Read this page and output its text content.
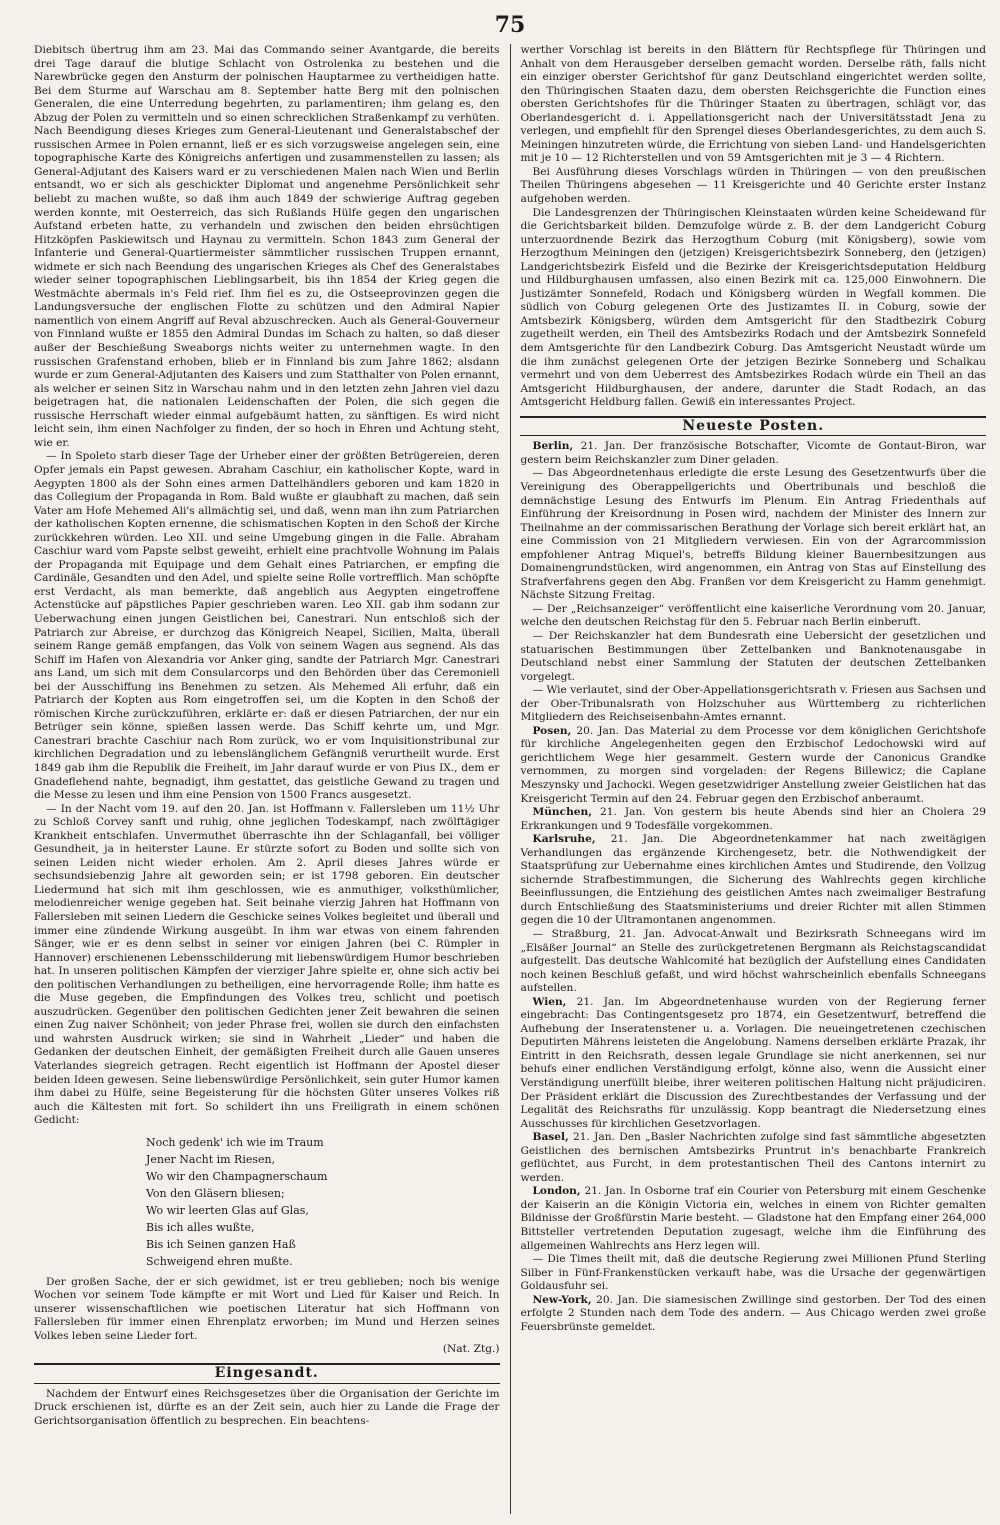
75

Diebitsch übertrug ihm am 23. Mai das Commando seiner Avantgarde, die bereits drei Tage darauf die blutige Schlacht von Ostrolenka zu bestehen und die Narewbrücke gegen den Ansturm der polnischen Hauptarmee zu vertheidigen hatte. Bei dem Sturme auf Warschau am 8. September hatte Berg mit den polnischen Generalen, die eine Unterredung begehrten, zu parlamentiren; ihm gelang es, den Abzug der Polen zu vermitteln und so einen schrecklichen Straßenkampf zu verhüten. Nach Beendigung dieses Krieges zum General-Lieutenant und Generalstabschef der russischen Armee in Polen ernannt, ließ er es sich vorzugsweise angelegen sein, eine topographische Karte des Königreichs anfertigen und zusammenstellen zu lassen; als General-Adjutant des Kaisers ward er zu verschiedenen Malen nach Wien und Berlin entsandt, wo er sich als geschickter Diplomat und angenehme Persönlichkeit sehr beliebt zu machen wußte, so daß ihm auch 1849 der schwierige Auftrag gegeben werden konnte, mit Oesterreich, das sich Rußlands Hülfe gegen den ungarischen Aufstand erbeten hatte, zu verhandeln und zwischen den beiden ehrsüchtigen Hitzköpfen Paskiewitsch und Haynau zu vermitteln. Schon 1843 zum General der Infanterie und General-Quartiermeister sämmtlicher russischen Truppen ernannt, widmete er sich nach Beendung des ungarischen Krieges als Chef des Generalstabes wieder seiner topographischen Lieblingsarbeit, bis ihn 1854 der Krieg gegen die Westmächte abermals in's Feld rief. Ihm fiel es zu, die Ostseeprovinzen gegen die Landungsversuche der englischen Flotte zu schützen und den Admiral Napier namentlich von einem Angriff auf Reval abzuschrecken. Auch als General-Gouverneur von Finnland wußte er 1855 den Admiral Dundas im Schach zu halten, so daß dieser außer der Beschießung Sweaborgs nichts weiter zu unternehmen wagte. In den russischen Grafenstand erhoben, blieb er in Finnland bis zum Jahre 1862; alsdann wurde er zum General-Adjutanten des Kaisers und zum Statthalter von Polen ernannt, als welcher er seinen Sitz in Warschau nahm und in den letzten zehn Jahren viel dazu beigetragen hat, die nationalen Leidenschaften der Polen, die sich gegen die russische Herrschaft wieder einmal aufgebäumt hatten, zu sänftigen. Es wird nicht leicht sein, ihm einen Nachfolger zu finden, der so hoch in Ehren und Achtung steht, wie er.

— In Spoleto starb dieser Tage der Urheber einer der größten Betrügereien, deren Opfer jemals ein Papst gewesen. Abraham Caschiur, ein katholischer Kopte, ward in Aegypten 1800 als der Sohn eines armen Dattelhändlers geboren und kam 1820 in das Collegium der Propaganda in Rom. Bald wußte er glaubhaft zu machen, daß sein Vater am Hofe Mehemed Ali's allmächtig sei, und daß, wenn man ihn zum Patriarchen der katholischen Kopten ernenne, die schismatischen Kopten in den Schoß der Kirche zurückkehren würden. Leo XII. und seine Umgebung gingen in die Falle. Abraham Caschiur ward vom Papste selbst geweiht, erhielt eine prachtvolle Wohnung im Palais der Propaganda mit Equipage und dem Gehalt eines Patriarchen, er empfing die Cardinäle, Gesandten und den Adel, und spielte seine Rolle vortrefflich. Man schöpfte erst Verdacht, als man bemerkte, daß angeblich aus Aegypten eingetroffene Actenstücke auf päpstliches Papier geschrieben waren. Leo XII. gab ihm sodann zur Ueberwachung einen jungen Geistlichen bei, Canestrari. Nun entschloß sich der Patriarch zur Abreise, er durchzog das Königreich Neapel, Sicilien, Malta, überall seinem Range gemäß empfangen, das Volk von seinem Wagen aus segnend. Als das Schiff im Hafen von Alexandria vor Anker ging, sandte der Patriarch Mgr. Canestrari ans Land, um sich mit dem Consularcorps und den Behörden über das Ceremoniell bei der Ausschiffung ins Benehmen zu setzen. Als Mehemed Ali erfuhr, daß ein Patriarch der Kopten aus Rom eingetroffen sei, um die Kopten in den Schoß der römischen Kirche zurückzuführen, erklärte er: daß er diesen Patriarchen, der nur ein Betrüger sein könne, spießen lassen werde. Das Schiff kehrte um, und Mgr. Canestrari brachte Caschiur nach Rom zurück, wo er vom Inquisitionstribunal zur kirchlichen Degradation und zu lebenslänglichem Gefängniß verurtheilt wurde. Erst 1849 gab ihm die Republik die Freiheit, im Jahr darauf wurde er von Pius IX., dem er Gnadeflehend nahte, begnadigt, ihm gestattet, das geistliche Gewand zu tragen und die Messe zu lesen und ihm eine Pension von 1500 Francs ausgesetzt.

— In der Nacht vom 19. auf den 20. Jan. ist Hoffmann v. Fallersleben um 11½ Uhr zu Schloß Corvey sanft und ruhig, ohne jeglichen Todeskampf, nach zwölftägiger Krankheit entschlafen. Unvermuthet überraschte ihn der Schlaganfall, bei völliger Gesundheit, ja in heiterster Laune. Er stürzte sofort zu Boden und sollte sich von seinen Leiden nicht wieder erholen. Am 2. April dieses Jahres würde er sechsundsiebenzig Jahre alt geworden sein; er ist 1798 geboren. Ein deutscher Liedermund hat sich mit ihm geschlossen, wie es anmuthiger, volksthümlicher, melodienreicher wenige gegeben hat. Seit beinahe vierzig Jahren hat Hoffmann von Fallersleben mit seinen Liedern die Geschicke seines Volkes begleitet und überall und immer eine zündende Wirkung ausgeübt. In ihm war etwas von einem fahrenden Sänger, wie er es denn selbst in seiner vor einigen Jahren (bei C. Rümpler in Hannover) erschienenen Lebensschilderung mit liebenswürdigem Humor beschrieben hat. In unseren politischen Kämpfen der vierziger Jahre spielte er, ohne sich activ bei den politischen Verhandlungen zu betheiligen, eine hervorragende Rolle; ihm hatte es die Muse gegeben, die Empfindungen des Volkes treu, schlicht und poetisch auszudrücken. Gegenüber den politischen Gedichten jener Zeit bewahren die seinen einen Zug naiver Schönheit; von jeder Phrase frei, wollen sie durch den einfachsten und wahrsten Ausdruck wirken; sie sind in Wahrheit „Lieder“ und haben die Gedanken der deutschen Einheit, der gemäßigten Freiheit durch alle Gauen unseres Vaterlandes siegreich getragen. Recht eigentlich ist Hoffmann der Apostel dieser beiden Ideen gewesen. Seine liebenswürdige Persönlichkeit, sein guter Humor kamen ihm dabei zu Hülfe, seine Begeisterung für die höchsten Güter unseres Volkes riß auch die Kältesten mit fort. So schildert ihn uns Freiligrath in einem schönen Gedicht:

Noch gedenk' ich wie im Traum
Jener Nacht im Riesen,
Wo wir den Champagnerschaum
Von den Gläsern bliesen;
Wo wir leerten Glas auf Glas,
Bis ich alles wußte,
Bis ich Seinen ganzen Haß
Schweigend ehren mußte.

Der großen Sache, der er sich gewidmet, ist er treu geblieben; noch bis wenige Wochen vor seinem Tode kämpfte er mit Wort und Lied für Kaiser und Reich. In unserer wissenschaftlichen wie poetischen Literatur hat sich Hoffmann von Fallersleben für immer einen Ehrenplatz erworben; im Mund und Herzen seines Volkes leben seine Lieder fort.

(Nat. Ztg.)
Eingesandt.

Nachdem der Entwurf eines Reichsgesetzes über die Organisation der Gerichte im Druck erschienen ist, dürfte es an der Zeit sein, auch hier zu Lande die Frage der Gerichtsorganisation öffentlich zu besprechen. Ein beachtens-

werther Vorschlag ist bereits in den Blättern für Rechtspflege für Thüringen und Anhalt von dem Herausgeber derselben gemacht worden. Derselbe räth, falls nicht ein einziger oberster Gerichtshof für ganz Deutschland eingerichtet werden sollte, den Thüringischen Staaten dazu, dem obersten Reichsgerichte die Function eines obersten Gerichtshofes für die Thüringer Staaten zu übertragen, schlägt vor, das Oberlandesgericht d. i. Appellationsgericht nach der Universitätsstadt Jena zu verlegen, und empfiehlt für den Sprengel dieses Oberlandesgerichtes, zu dem auch S. Meiningen hinzutreten würde, die Errichtung von sieben Land- und Handelsgerichten mit je 10 — 12 Richterstellen und von 59 Amtsgerichten mit je 3 — 4 Richtern.

Bei Ausführung dieses Vorschlags würden in Thüringen — von den preußischen Theilen Thüringens abgesehen — 11 Kreisgerichte und 40 Gerichte erster Instanz aufgehoben werden.

Die Landesgrenzen der Thüringischen Kleinstaaten würden keine Scheidewand für die Gerichtsbarkeit bilden. Demzufolge würde z. B. der dem Landgericht Coburg unterzuordnende Bezirk das Herzogthum Coburg (mit Königsberg), sowie vom Herzogthum Meiningen den (jetzigen) Kreisgerichtsbezirk Sonneberg, den (jetzigen) Landgerichtsbezirk Eisfeld und die Bezirke der Kreisgerichtsdeputation Heldburg und Hildburghausen umfassen, also einen Bezirk mit ca. 125,000 Einwohnern. Die Justizämter Sonnefeld, Rodach und Königsberg würden in Wegfall kommen. Die südlich von Coburg gelegenen Orte des Justizamtes II. in Coburg, sowie der Amtsbezirk Königsberg, würden dem Amtsgericht für den Stadtbezirk Coburg zugetheilt werden, ein Theil des Amtsbezirks Rodach und der Amtsbezirk Sonnefeld dem Amtsgerichte für den Landbezirk Coburg. Das Amtsgericht Neustadt würde um die ihm zunächst gelegenen Orte der jetzigen Bezirke Sonneberg und Schalkau vermehrt und von dem Ueberrest des Amtsbezirkes Rodach würde ein Theil an das Amtsgericht Hildburghausen, der andere, darunter die Stadt Rodach, an das Amtsgericht Heldburg fallen. Gewiß ein interessantes Project.

Neueste Posten.

Berlin, 21. Jan. Der französische Botschafter, Vicomte de Gontaut-Biron, war gestern beim Reichskanzler zum Diner geladen.

— Das Abgeordnetenhaus erledigte die erste Lesung des Gesetzentwurfs über die Vereinigung des Oberappellgerichts und Obertribunals und beschloß die demnächstige Lesung des Entwurfs im Plenum. Ein Antrag Friedenthals auf Einführung der Kreisordnung in Posen wird, nachdem der Minister des Innern zur Theilnahme an der commissarischen Berathung der Vorlage sich bereit erklärt hat, an eine Commission von 21 Mitgliedern verwiesen. Ein von der Agrarcommission empfohlener Antrag Miquel's, betreffs Bildung kleiner Bauernbesitzungen aus Domainengrundstücken, wird angenommen, ein Antrag von Stas auf Einstellung des Strafverfahrens gegen den Abg. Franßen vor dem Kreisgericht zu Hamm genehmigt. Nächste Sitzung Freitag.

— Der „Reichsanzeiger“ veröffentlicht eine kaiserliche Verordnung vom 20. Januar, welche den deutschen Reichstag für den 5. Februar nach Berlin einberuft.

— Der Reichskanzler hat dem Bundesrath eine Uebersicht der gesetzlichen und statuarischen Bestimmungen über Zettelbanken und Banknotenausgabe in Deutschland nebst einer Sammlung der Statuten der deutschen Zettelbanken vorgelegt.

— Wie verlautet, sind der Ober-Appellationsgerichtsrath v. Friesen aus Sachsen und der Ober-Tribunalsrath von Holzschuher aus Württemberg zu richterlichen Mitgliedern des Reichseisenbahn-Amtes ernannt.

Posen, 20. Jan. Das Material zu dem Processe vor dem königlichen Gerichtshofe für kirchliche Angelegenheiten gegen den Erzbischof Ledochowski wird auf gerichtlichem Wege hier gesammelt. Gestern wurde der Canonicus Grandke vernommen, zu morgen sind vorgeladen: der Regens Billewicz; die Caplane Meszynsky und Jachocki. Wegen gesetzwidriger Anstellung zweier Geistlichen hat das Kreisgericht Termin auf den 24. Februar gegen den Erzbischof anberaumt.

München, 21. Jan. Von gestern bis heute Abends sind hier an Cholera 29 Erkrankungen und 9 Todesfälle vorgekommen.

Karlsruhe, 21. Jan. Die Abgeordnetenkammer hat nach zweitägigen Verhandlungen das ergänzende Kirchengesetz, betr. die Nothwendigkeit der Staatsprüfung zur Uebernahme eines kirchlichen Amtes und Studirende, den Vollzug sichernde Strafbestimmungen, die Sicherung des Wahlrechts gegen kirchliche Beeinflussungen, die Entziehung des geistlichen Amtes nach zweimaliger Bestrafung durch Entschließung des Staatsministeriums und dreier Richter mit allen Stimmen gegen die 10 der Ultramontanen angenommen.

— Straßburg, 21. Jan. Advocat-Anwalt und Bezirksrath Schneegans wird im „Elsäßer Journal“ an Stelle des zurückgetretenen Bergmann als Reichstagscandidat aufgestellt. Das deutsche Wahlcomité hat bezüglich der Aufstellung eines Candidaten noch keinen Beschluß gefaßt, und wird höchst wahrscheinlich ebenfalls Schneegans aufstellen.

Wien, 21. Jan. Im Abgeordnetenhause wurden von der Regierung ferner eingebracht: Das Contingentsgesetz pro 1874, ein Gesetzentwurf, betreffend die Aufhebung der Inseratenstener u. a. Vorlagen. Die neueingetretenen czechischen Deputirten Mährens leisteten die Angelobung. Namens derselben erklärte Prazak, ihr Eintritt in den Reichsrath, dessen legale Grundlage sie nicht anerkennen, sei nur behufs einer endlichen Verständigung erfolgt, könne also, wenn die Aussicht einer Verständigung unerfüllt bleibe, ihrer weiteren politischen Haltung nicht präjudiciren. Der Präsident erklärt die Discussion des Zurechtbestandes der Verfassung und der Legalität des Reichsraths für unzulässig. Kopp beantragt die Niedersetzung eines Ausschusses für kirchlichen Gesetzvorlagen.

Basel, 21. Jan. Den „Basler Nachrichten zufolge sind fast sämmtliche abgesetzten Geistlichen des bernischen Amtsbezirks Pruntrut in's benachbarte Frankreich geflüchtet, aus Furcht, in dem protestantischen Theil des Cantons internirt zu werden.

London, 21. Jan. In Osborne traf ein Courier von Petersburg mit einem Geschenke der Kaiserin an die Königin Victoria ein, welches in einem von Richter gemalten Bildnisse der Großfürstin Marie besteht. — Gladstone hat den Empfang einer 264,000 Bittsteller vertretenden Deputation zugesagt, welche ihm die Einführung des allgemeinen Wahlrechts ans Herz legen will.

— Die Times theilt mit, daß die deutsche Regierung zwei Millionen Pfund Sterling Silber in Fünf-Frankenstücken verkauft habe, was die Ursache der gegenwärtigen Goldausfuhr sei.

New-York, 20. Jan. Die siamesischen Zwillinge sind gestorben. Der Tod des einen erfolgte 2 Stunden nach dem Tode des andern. — Aus Chicago werden zwei große Feuersbrünste gemeldet.
